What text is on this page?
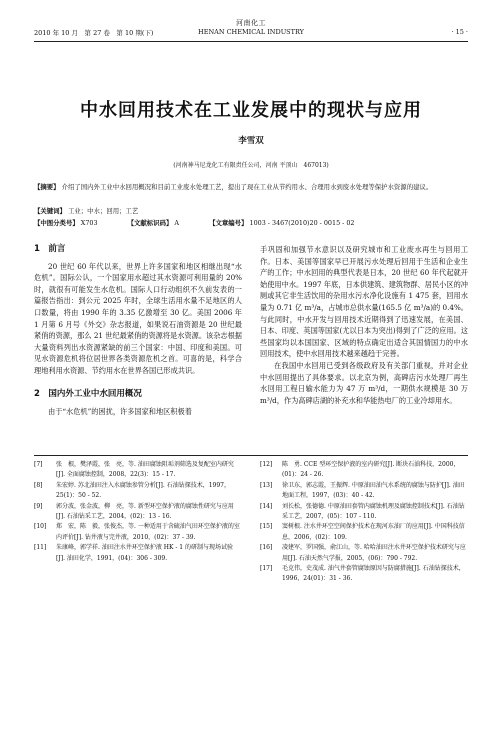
河南化工
2010 年 10 月　第 27 卷　第 10 期(下)	HENAN CHEMICAL INDUSTRY	· 15 ·
中水回用技术在工业发展中的现状与应用
李雪双
(河南神马尼龙化工有限责任公司，河南 平顶山　467013)
【摘要】 介绍了国内外工业中水回用概况和目前工业废水处理工艺，提出了现在工业从节约用水、合理用水到废水处理等保护水资源的建议。
【关键词】 工业；中水；回用；工艺
【中图分类号】 X703	【文献标识码】 A	【文章编号】 1003 - 3467(2010)20 - 0015 - 02
1　前言

20 世纪 60 年代以来，世界上许多国家和地区相继出现“水危机”。国际公认，一个国家用水超过其水资源可利用量的 20% 时，就很有可能发生水危机。国际人口行动组织不久前发表的一篇报告指出：到公元 2025 年时，全球生活用水量不足地区的人口数量，将由 1990 年的 3.35 亿激增至 30 亿。美国 2006 年 1 月第 6 月号《外交》杂志报道，如果说石油资源是 20 世纪最紧俏的资源，那么 21 世纪最紧俏的资源将是水资源。该杂志根据大量资料列出水资源紧缺的前三个国家：中国、印度和美国。可见水资源危机将位居世界各类资源危机之首。可喜的是，科学合理地利用水资源、节约用水在世界各国已形成共识。

2　国内外工业中水回用概况

由于“水危机”的困扰，许多国家和地区积极着

手巩固和加强节水意识以及研究城市和工业废水再生与回用工作。日本、美国等国家早已开展污水处理后回用于生活和企业生产的工作；中水回用的典型代表是日本，20 世纪 60 年代起就开始使用中水。1997 年底，日本供建筑、建筑物群、居民小区的冲厕或其它非生活饮用的杂用水污水净化设施有 1 475 套，回用水量为 0.71 亿 m³/a，占城市总供水量(165.5 亿 m³/a)的 0.4%。与此同时，中水开发与回用技术近期得到了迅速发展，在美国、日本、印度、英国等国家(尤以日本为突出)得到了广泛的应用。这些国家均以本国国家、区域的特点确定出适合其国情国力的中水回用技术，使中水回用技术越来越趋于完善。

在我国中水回用已受到各级政府及有关部门重视，并对企业中水回用提出了具体要求。以北京为例，高碑店污水处理厂再生水回用工程日输水能力为 47 万 m³/d，一期供水规模是 30 万 m³/d，作为高碑店湖的补充水和华能热电厂的工业冷却用水。

[7]	张　根，樊泽霞，张　亮，等. 油田腐蚀阻垢剂筛选及复配室内研究[J]. 全面腐蚀控制，2008，22(3)：15 - 17.
[8]	朱宏婷. 苏北油田注入水腐蚀参管分析[J]. 石油钻探技术，1997，25(1)：50 - 52.
[9]	郭分波，张金波，柳　亮，等. 新型环空保护液的腐蚀性研究与应用[J]. 石油钻采工艺，2004，(02)：13 - 16.
[10]	郑　宏，陈　毅，张俊杰，等. 一种适用于含硫油气田环空保护液的室内评价[J]. 钻井液与完井液，2010，(02)：37 - 39.
[11]	朱康峰，郭学祥. 油田注水井环空保护液 HK - 1 的研制与现场试验[J]. 油田化学，1991，(04)：306 - 309.
[12]	陈　勇. CCE 型环空保护液的室内研究[J]. 断块石油科技，2000，(01)：24 - 26.
[13]	徐卫东，郭志霞，王振辉. 中原油田油气水系统的腐蚀与防护[J]. 油田地面工程，1997，(03)：40 - 42.
[14]	刘长松，张德德. 中原油田套管内腐蚀机理及腐蚀控制技术[J]. 石油钻采工艺，2007，(05)：107 - 110.
[15]	窦树根. 注水井环空空间保护技术在现河东油厂的应用[J]. 中国科技信息，2006，(02)：109.
[16]	凌建军，罗国强，俞江山，等. 哈哈油田注水井环空保护技术研究与应用[J]. 石油天然气学报，2005，(06)：790 - 792.
[17]	毛克伟，史茂成. 油气井套管腐蚀原因与防腐措施[J]. 石油钻探技术，1996，24(01)：31 - 36.
